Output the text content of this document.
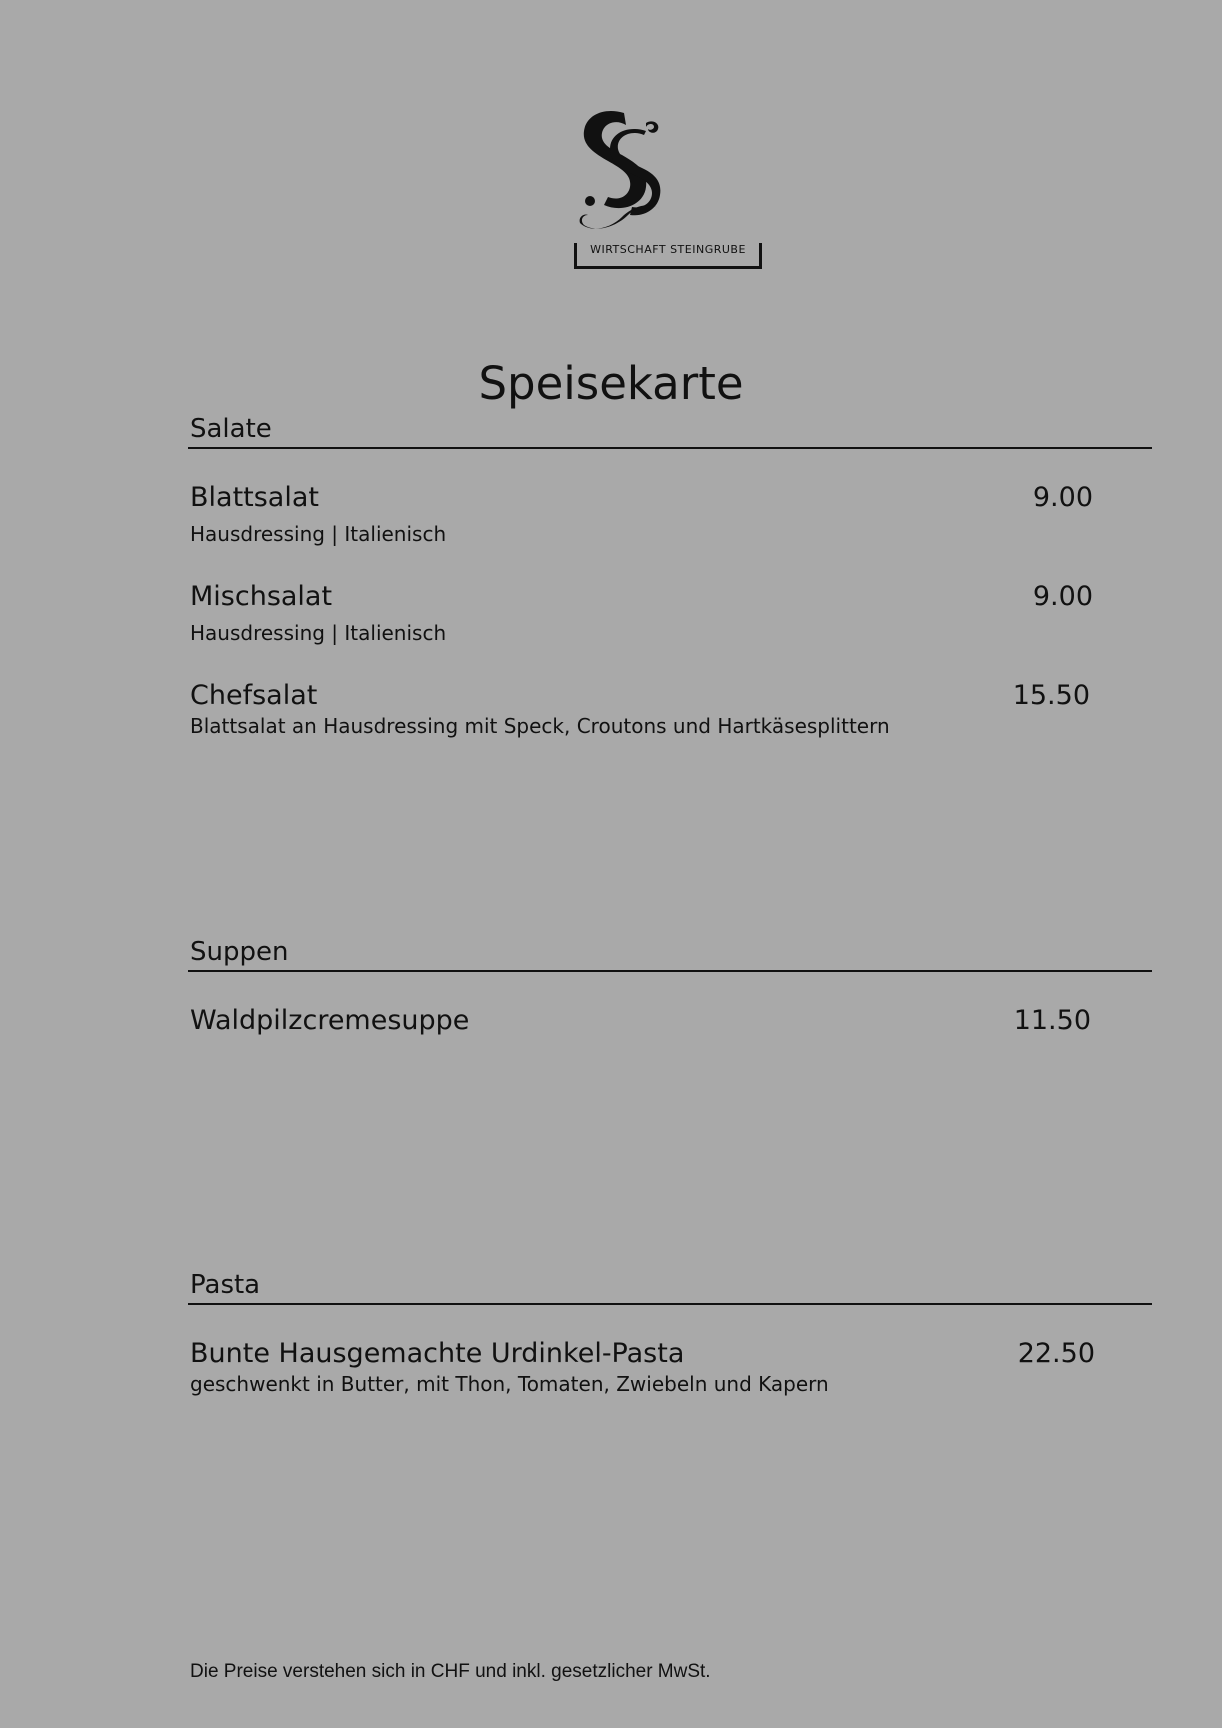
WIRTSCHAFT STEINGRUBE
Speisekarte
Salate
Blattsalat	9.00
Hausdressing | Italienisch
Mischsalat	9.00
Hausdressing | Italienisch
Chefsalat	15.50
Blattsalat an Hausdressing mit Speck, Croutons und Hartkäsesplittern
Suppen
Waldpilzcremesuppe	11.50
Pasta
Bunte Hausgemachte Urdinkel-Pasta	22.50
geschwenkt in Butter, mit Thon, Tomaten, Zwiebeln und Kapern
Die Preise verstehen sich in CHF und inkl. gesetzlicher MwSt.
